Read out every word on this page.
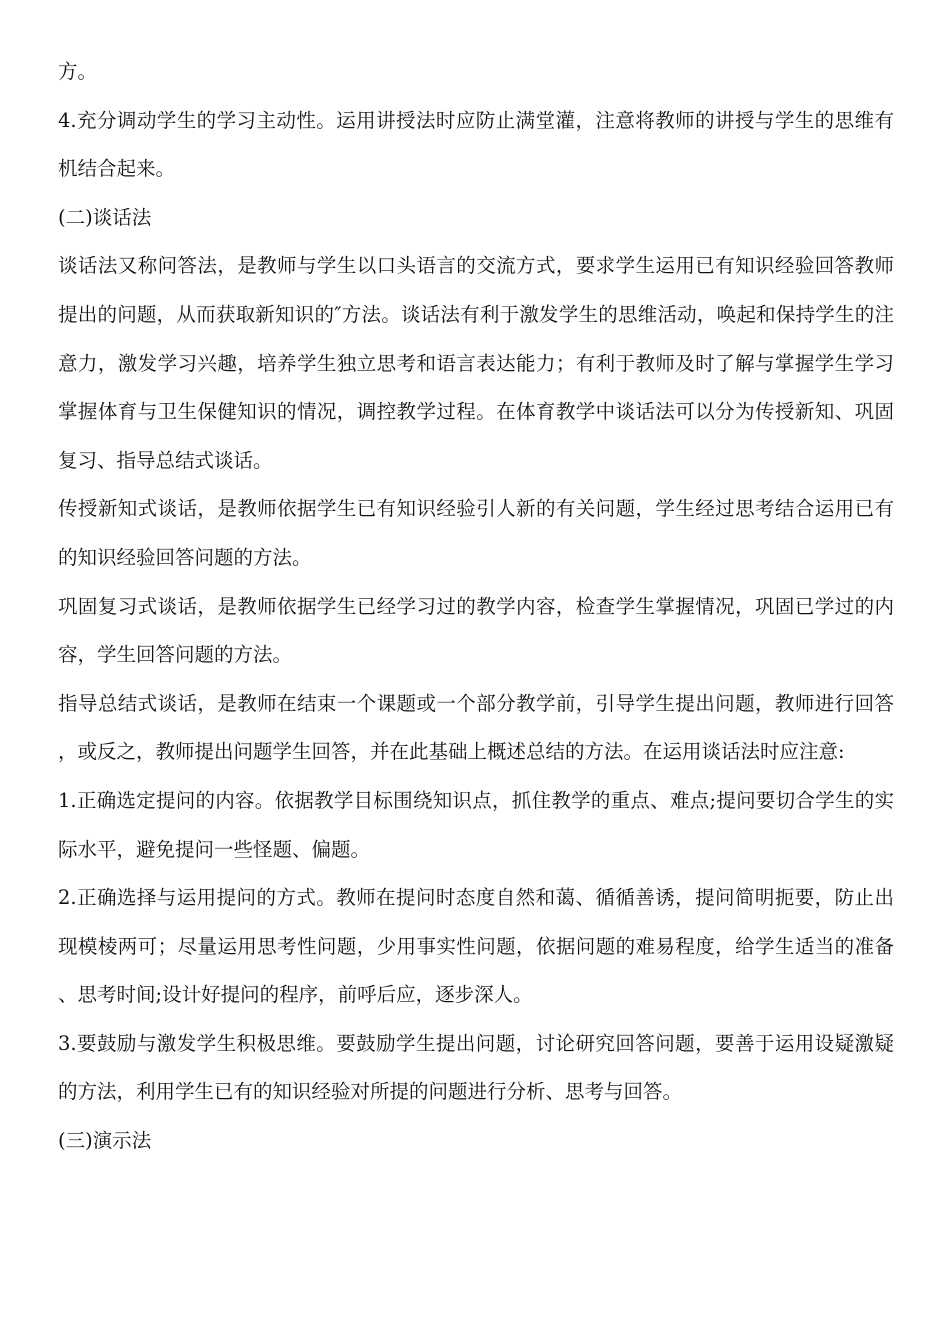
方。

4.充分调动学生的学习主动性。运用讲授法时应防止满堂灌，注意将教师的讲授与学生的思维有机结合起来。

(二)谈话法

谈话法又称问答法，是教师与学生以口头语言的交流方式，要求学生运用已有知识经验回答教师提出的问题，从而获取新知识的″方法。谈话法有利于激发学生的思维活动，唤起和保持学生的注意力，激发学习兴趣，培养学生独立思考和语言表达能力；有利于教师及时了解与掌握学生学习掌握体育与卫生保健知识的情况，调控教学过程。在体育教学中谈话法可以分为传授新知、巩固复习、指导总结式谈话。

传授新知式谈话，是教师依据学生已有知识经验引人新的有关问题，学生经过思考结合运用已有的知识经验回答问题的方法。

巩固复习式谈话，是教师依据学生已经学习过的教学内容，检查学生掌握情况，巩固已学过的内容，学生回答问题的方法。

指导总结式谈话，是教师在结束一个课题或一个部分教学前，引导学生提出问题，教师进行回答，或反之，教师提出问题学生回答，并在此基础上概述总结的方法。在运用谈话法时应注意:

1.正确选定提问的内容。依据教学目标围绕知识点，抓住教学的重点、难点;提问要切合学生的实际水平，避免提问一些怪题、偏题。

2.正确选择与运用提问的方式。教师在提问时态度自然和蔼、循循善诱，提问简明扼要，防止出现模棱两可；尽量运用思考性问题，少用事实性问题，依据问题的难易程度，给学生适当的准备、思考时间;设计好提问的程序，前呼后应，逐步深人。

3.要鼓励与激发学生积极思维。要鼓励学生提出问题，讨论研究回答问题，要善于运用设疑激疑的方法，利用学生已有的知识经验对所提的问题进行分析、思考与回答。

(三)演示法
